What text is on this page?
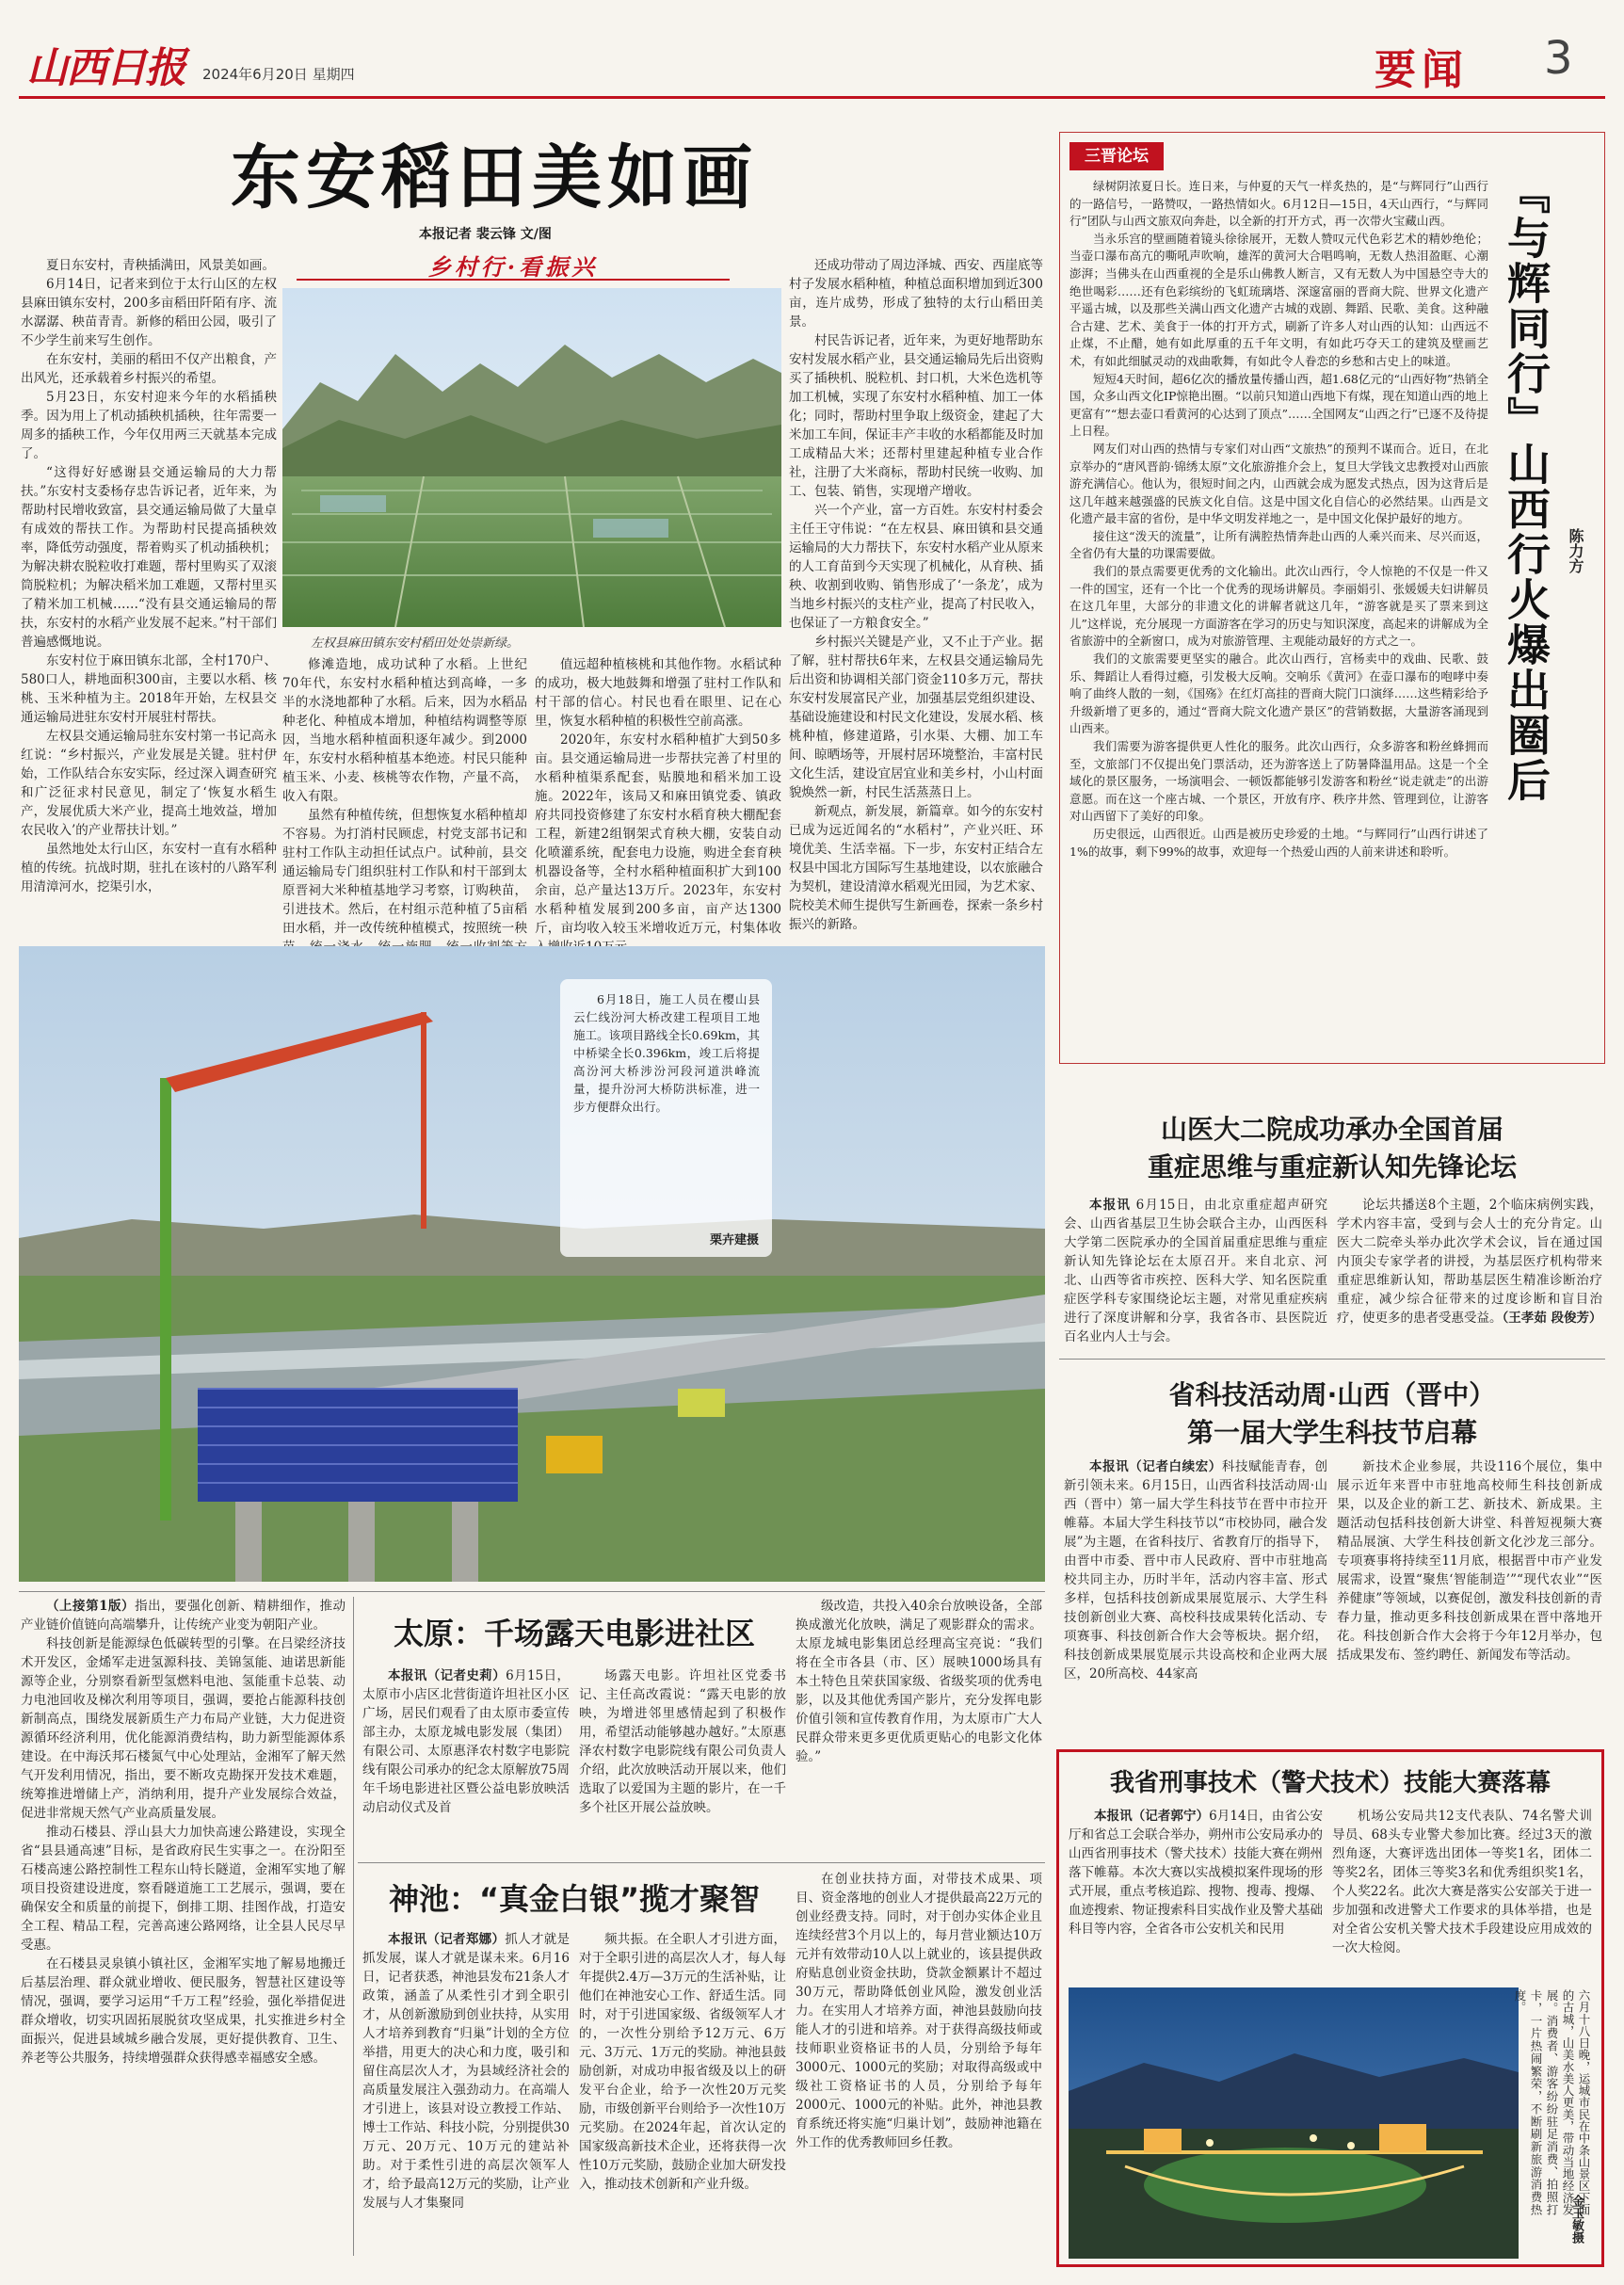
山西日报 2024年6月20日 星期四	要闻 3
东安稻田美如画
本报记者 裴云锋 文/图
乡村行·看振兴

夏日东安村，青秧插满田，风景美如画。

6月14日，记者来到位于太行山区的左权县麻田镇东安村，200多亩稻田阡陌有序、流水潺潺、秧苗青青。新修的稻田公园，吸引了不少学生前来写生创作。

在东安村，美丽的稻田不仅产出粮食，产出风光，还承载着乡村振兴的希望。

5月23日，东安村迎来今年的水稻插秧季。因为用上了机动插秧机插秧，往年需要一周多的插秧工作，今年仅用两三天就基本完成了。

“这得好好感谢县交通运输局的大力帮扶。”东安村支委杨存忠告诉记者，近年来，为帮助村民增收致富，县交通运输局做了大量卓有成效的帮扶工作。为帮助村民提高插秧效率，降低劳动强度，帮着购买了机动插秧机；为解决耕农脱粒收打难题，帮村里购买了双滚筒脱粒机；为解决稻米加工难题，又帮村里买了精米加工机械……“没有县交通运输局的帮扶，东安村的水稻产业发展不起来。”村干部们普遍感慨地说。

东安村位于麻田镇东北部，全村170户、580口人，耕地面积300亩，主要以水稻、核桃、玉米种植为主。2018年开始，左权县交通运输局进驻东安村开展驻村帮扶。

左权县交通运输局驻东安村第一书记高永红说：“乡村振兴，产业发展是关键。驻村伊始，工作队结合东安实际，经过深入调查研究和广泛征求村民意见，制定了‘恢复水稻生产，发展优质大米产业，提高土地效益，增加农民收入’的产业帮扶计划。”

虽然地处太行山区，东安村一直有水稻种植的传统。抗战时期，驻扎在该村的八路军利用清漳河水，挖渠引水，

左权县麻田镇东安村稻田处处崇新绿。

修滩造地，成功试种了水稻。上世纪70年代，东安村水稻种植达到高峰，一多半的水浇地都种了水稻。后来，因为水稻品种老化、种植成本增加，种植结构调整等原因，当地水稻种植面积逐年减少。到2000年，东安村水稻种植基本绝迹。村民只能种植玉米、小麦、核桃等农作物，产量不高，收入有限。

虽然有种植传统，但想恢复水稻种植却不容易。为打消村民顾虑，村党支部书记和驻村工作队主动担任试点户。试种前，县交通运输局专门组织驻村工作队和村干部到太原晋祠大米种植基地学习考察，订购秧苗，引进技术。然后，在村组示范种植了5亩稻田水稻，并一改传统种植模式，按照统一秧

值远超种植核桃和其他作物。水稻试种的成功，极大地鼓舞和增强了驻村工作队和村干部的信心。村民也看在眼里、记在心里，恢复水稻种植的积极性空前高涨。

2020年，东安村水稻种植扩大到50多亩。县交通运输局进一步帮扶完善了村里的水稻种植渠系配套，贴膜地和稻米加工设施。2022年，该局又和麻田镇党委、镇政府共同投资修建了东安村水稻育秧大棚配套工程，新建2组钢架式育秧大棚，安装自动化喷灌系统，配套电力设施，购进全套育秧机器设备等，全村水稻种植面积扩大到100余亩，总产量达13万斤。2023年，东安村水稻种植发展到200多亩，亩产达1300斤，亩均收入较玉米增收近万元，村集体收

还成功带动了周边泽城、西安、西崖底等村子发展水稻种植，种植总面积增加到近300亩，连片成势，形成了独特的太行山稻田美景。

村民告诉记者，近年来，为更好地帮助东安村发展水稻产业，县交通运输局先后出资购买了插秧机、脱粒机、封口机，大米色选机等加工机械，实现了东安村水稻种植、加工一体化；同时，帮助村里争取上级资金，建起了大米加工车间，保证丰产丰收的水稻都能及时加工成精品大米；还帮村里建起种植专业合作社，注册了大米商标，帮助村民统一收购、加工、包装、销售，实现增产增收。

兴一个产业，富一方百姓。东安村村委会主任王守伟说：“在左权县、麻田镇和县交通运输局的大力帮扶下，东安村水稻产业从原来的人工育苗到今天实现了机械化，从育秧、插秧、收割到收购、销售形成了‘一条龙’，成为当地乡村振兴的支柱产业，提高了村民收入，也保证了一方粮食安全。”

乡村振兴关键是产业，又不止于产业。据了解，驻村帮扶6年来，左权县交通运输局先后出资和协调相关部门资金110多万元，帮扶东安村发展富民产业，加强基层党组织建设、基础设施建设和村民文化建设，发展水稻、核桃种植，修建道路，引水渠、大棚、加工车间、晾晒场等，开展村居环境整治，丰富村民文化生活，建设宜居宜业和美乡村，小山村面貌焕然一新，村民生活蒸蒸日上。

新观点，新发展，新篇章。如今的东安村已成为远近闻名的“水稻村”，产业兴旺、环境优美、生活幸福。下一步，东安村正结合左权县中国北方国际写生基地建设，以农旅融合为契机，建设清漳水稻观光田园，为艺术家、院校美术师生提供写生新画卷，探索一条乡村振兴的新路。

三晋论坛

绿树阴浓夏日长。连日来，与仲夏的天气一样炙热的，是“与辉同行”山西行的一路信号，一路赞叹，一路热情如火。6月12日—15日，4天山西行，“与辉同行”团队与山西文旅双向奔赴，以全新的打开方式，再一次带火宝藏山西。

当永乐宫的壁画随着镜头徐徐展开，无数人赞叹元代色彩艺术的精妙绝伦；当壶口瀑布高亢的嘶吼声吹响，雄浑的黄河大合唱鸣响，无数人热泪盈眶、心潮澎湃；当佛头在山西重视的全是乐山佛教人断言，又有无数人为中国悬空寺大的绝世喝彩……还有色彩缤纷的飞虹琉璃塔、深邃富丽的晋商大院、世界文化遗产平遥古城，以及那些关满山西文化遗产古城的戏剧、舞蹈、民歌、美食。这种融合古建、艺术、美食于一体的打开方式，刷新了许多人对山西的认知：山西远不止煤，不止醋，她有如此厚重的五千年文明，有如此巧夺天工的建筑及壁画艺术，有如此细腻灵动的戏曲歌舞，有如此令人眷恋的乡愁和古史上的味道。

短短4天时间，超6亿次的播放量传播山西，超1.68亿元的“山西好物”热销全国，众多山西文化IP惊艳出圈。“以前只知道山西地下有煤，现在知道山西的地上更富有”“想去壶口看黄河的心达到了顶点”……全国网友“山西之行”已逐不及待提上日程。

网友们对山西的热情与专家们对山西“文旅热”的预判不谋而合。近日，在北京举办的“唐风晋韵·锦绣太原”文化旅游推介会上，复旦大学钱文忠教授对山西旅游充满信心。他认为，很短时间之内，山西就会成为愿发式热点，因为这背后是这几年越来越强盛的民族文化自信。这是中国文化自信心的必然结果。山西是文化遗产最丰富的省份，是中华文明发祥地之一，是中国文化保护最好的地方。

接住这“泼天的流量”，让所有满腔热情奔赴山西的人乘兴而来、尽兴而返，全省仍有大量的功课需要做。

我们的景点需要更优秀的文化输出。此次山西行，令人惊艳的不仅是一件又一件的国宝，还有一个比一个优秀的现场讲解员。李丽娟引、张媛媛夫妇讲解员在这几年里，大部分的非遗文化的讲解者就这几年，“游客就是买了票来到这儿”这样说，充分展现一方面游客在学习的历史与知识深度，高起来的讲解成为全省旅游中的全新窗口，成为对旅游管理、主观能动最好的方式之一。

我们的文旅需要更坚实的融合。此次山西行，宫杨卖中的戏曲、民歌、鼓乐、舞蹈让人看得过瘾，引发极大反响。交响乐《黄河》在壶口瀑布的咆哮中奏响了曲终人散的一刻，《国殇》在红灯高挂的晋商大院门口演绎……这些精彩给予升级新增了更多的，通过“晋商大院文化遗产景区”的营销数据，大量游客涌现到山西来。

我们需要为游客提供更人性化的服务。此次山西行，众多游客和粉丝蜂拥而至，文旅部门不仅提出免门票活动，还为游客送上了防暑降温用品。这是一个全域化的景区服务，一场演唱会、一顿饭都能够引发游客和粉丝“说走就走”的出游意愿。而在这一个座古城、一个景区，开放有序、秩序井然、管理到位，让游客对山西留下了美好的印象。

历史很远，山西很近。山西是被历史珍爱的土地。“与辉同行”山西行讲述了1%的故事，剩下99%的故事，欢迎每一个热爱山西的人前来讲述和聆听。

『与辉同行』山西行火爆出圈后	陈力方
6月18日，施工人员在樱山县云仁线汾河大桥改建工程项目工地施工。该项目路线全长0.69km，其中桥梁全长0.396km，竣工后将提高汾河大桥涉汾河段河道洪峰流量，提升汾河大桥防洪标准，进一步方便群众出行。
栗卉建摄
山医大二院成功承办全国首届
重症思维与重症新认知先锋论坛

本报讯 6月15日，由北京重症超声研究会、山西省基层卫生协会联合主办，山西医科大学第二医院承办的全国首届重症思维与重症新认知先锋论坛在太原召开。来自北京、河北、山西等省市疾控、医科大学、知名医院重症医学科专家围绕论坛主题，对常见重症疾病进行了深度讲解和分享，我省各市、县医院近百名业内人士与会。

论坛共播送8个主题，2个临床病例实践，学术内容丰富，受到与会人士的充分肯定。山医大二院牵头举办此次学术会议，旨在通过国内顶尖专家学者的讲授，为基层医疗机构带来重症思维新认知，帮助基层医生精准诊断治疗重症，减少综合征带来的过度诊断和盲目治疗，使更多的患者受惠受益。（王孝茹 段俊芳）

省科技活动周·山西（晋中）
第一届大学生科技节启幕

本报讯（记者白续宏）科技赋能青春，创新引领未来。6月15日，山西省科技活动周·山西（晋中）第一届大学生科技节在晋中市拉开帷幕。本届大学生科技节以“市校协同，融合发展”为主题，在省科技厅、省教育厅的指导下，由晋中市委、晋中市人民政府、晋中市驻地高校共同主办，历时半年，活动内容丰富、形式多样，包括科技创新成果展览展示、大学生科技创新创业大赛、高校科技成果转化活动、专项赛事、科技创新合作大会等板块。据介绍，科技创新成果展览展示共设高校和企业两大展区，20所高校、44家高

新技术企业参展，共设116个展位，集中展示近年来晋中市驻地高校师生科技创新成果，以及企业的新工艺、新技术、新成果。主题活动包括科技创新大讲堂、科普短视频大赛精品展演、大学生科技创新文化沙龙三部分。专项赛事将持续至11月底，根据晋中市产业发展需求，设置“聚焦‘智能制造’”“现代农业”“医养健康”等领域，以赛促创，激发科技创新的青春力量，推动更多科技创新成果在晋中落地开花。科技创新合作大会将于今年12月举办，包括成果发布、签约聘任、新闻发布等活动。

（上接第1版）指出，要强化创新、精耕细作，推动产业链价值链向高端攀升，让传统产业变为朝阳产业。

科技创新是能源绿色低碳转型的引擎。在吕梁经济技术开发区，金烯军走进氢源科技、美锦氢能、迪诺思新能源等企业，分别察看新型氢燃料电池、氢能重卡总装、动力电池回收及梯次利用等项目，强调，要抢占能源科技创新制高点，围绕发展新质生产力布局产业链，大力促进资源循环经济利用，优化能源消费结构，助力新型能源体系建设。在中海沃邦石楼氮气中心处理站，金湘军了解天然气开发利用情况，指出，要不断攻克勘探开发技术难题，统筹推进增储上产，消纳利用，提升产业发展综合效益，促进非常规天然气产业高质量发展。

推动石楼县、浮山县大力加快高速公路建设，实现全省“县县通高速”目标，是省政府民生实事之一。在汾阳至石楼高速公路控制性工程东山特长隧道，金湘军实地了解项目投资建设进度，察看隧道施工工艺展示，强调，要在确保安全和质量的前提下，倒排工期、挂图作战，打造安全工程、精品工程，完善高速公路网络，让全县人民尽早受惠。

在石楼县灵泉镇小镇社区，金湘军实地了解易地搬迁后基层治理、群众就业增收、便民服务，智慧社区建设等情况，强调，要学习运用“千万工程”经验，强化举措促进群众增收，切实巩固拓展脱贫攻坚成果，扎实推进乡村全面振兴，促进县域城乡融合发展，更好提供教育、卫生、养老等公共服务，持续增强群众获得感幸福感安全感。

太原：千场露天电影进社区

本报讯（记者史莉）6月15日，太原市小店区北营街道许坦社区小区广场，居民们观看了由太原市委宣传部主办，太原龙城电影发展（集团）有限公司、太原惠泽农村数字电影院线有限公司承办的纪念太原解放75周年千场电影进社区暨公益电影放映活动启动仪式及首

场露天电影。许坦社区党委书记、主任高改霞说：“露天电影的放映，为增进邻里感情起到了积极作用，希望活动能够越办越好。”太原惠泽农村数字电影院线有限公司负责人介绍，此次放映活动开展以来，他们选取了以爱国为主题的影片，在一千多个社区开展公益放映。

级改造，共投入40余台放映设备，全部换成激光化放映，满足了观影群众的需求。太原龙城电影集团总经理高宝亮说：“我们将在全市各县（市、区）展映1000场具有本土特色且荣获国家级、省级奖项的优秀电影，以及其他优秀国产影片，充分发挥电影价值引领和宣传教育作用，为太原市广大人民群众带来更多更优质更贴心的电影文化体验。”

神池：“真金白银”揽才聚智

本报讯（记者郑娜）抓人才就是抓发展，谋人才就是谋未来。6月16日，记者获悉，神池县发布21条人才政策，涵盖了从柔性引才到全职引才，从创新激励到创业扶持，从实用人才培养到教育“归巢”计划的全方位举措，用更大的决心和力度，吸引和留住高层次人才，为县域经济社会的高质量发展注入强劲动力。在高端人才引进上，该县对设立教授工作站、博士工作站、科技小院，分别提供30万元、20万元、10万元的建站补助。对于柔性引进的高层次领军人才，给予最高12万元的奖励，让产业发展与人才集聚同

频共振。在全职人才引进方面，对于全职引进的高层次人才，每人每年提供2.4万—3万元的生活补贴，让他们在神池安心工作、舒适生活。同时，对于引进国家级、省级领军人才的，一次性分别给予12万元、6万元、3万元、1万元的奖励。神池县鼓励创新，对成功申报省级及以上的研发平台企业，给予一次性20万元奖励，市级创新平台则给予一次性10万元奖励。在2024年起，首次认定的国家级高新技术企业，还将获得一次性10万元奖励，鼓励企业加大研发投入，推动技术创新和产业升级。

在创业扶持方面，对带技术成果、项目、资金落地的创业人才提供最高22万元的创业经费支持。同时，对于创办实体企业且连续经营3个月以上的，每月营业额达10万元并有效带动10人以上就业的，该县提供政府贴息创业资金扶助，贷款金额累计不超过30万元，帮助降低创业风险，激发创业活力。在实用人才培养方面，神池县鼓励向技能人才的引进和培养。对于获得高级技师或技师职业资格证书的人员，分别给予每年3000元、1000元的奖励；对取得高级或中级社工资格证书的人员，分别给予每年2000元、1000元的补贴。此外，神池县教育系统还将实施“归巢计划”，鼓励神池籍在外工作的优秀教师回乡任教。

我省刑事技术（警犬技术）技能大赛落幕

本报讯（记者郭宁）6月14日，由省公安厅和省总工会联合举办，朔州市公安局承办的山西省刑事技术（警犬技术）技能大赛在朔州落下帷幕。本次大赛以实战模拟案件现场的形式开展，重点考核追踪、搜物、搜毒、搜爆、血迹搜索、物证搜索科目实战作业及警犬基础科目等内容，全省各市公安机关和民用

机场公安局共12支代表队、74名警犬训导员、68头专业警犬参加比赛。经过3天的激烈角逐，大赛评选出团体一等奖1名，团体二等奖2名，团体三等奖3名和优秀组织奖1名，个人奖22名。此次大赛是落实公安部关于进一步加强和改进警犬工作要求的具体举措，也是对全省公安机关警犬技术手段建设应用成效的一次大检阅。

六月十八日晚，运城市民在中条山景区下面的古城，山美水美人更美，带动当地经济发展。消费者、游客纷纷驻足消费、拍照打卡，一片热闹繁荣，不断刷新旅游消费热度。
金玉敏摄
